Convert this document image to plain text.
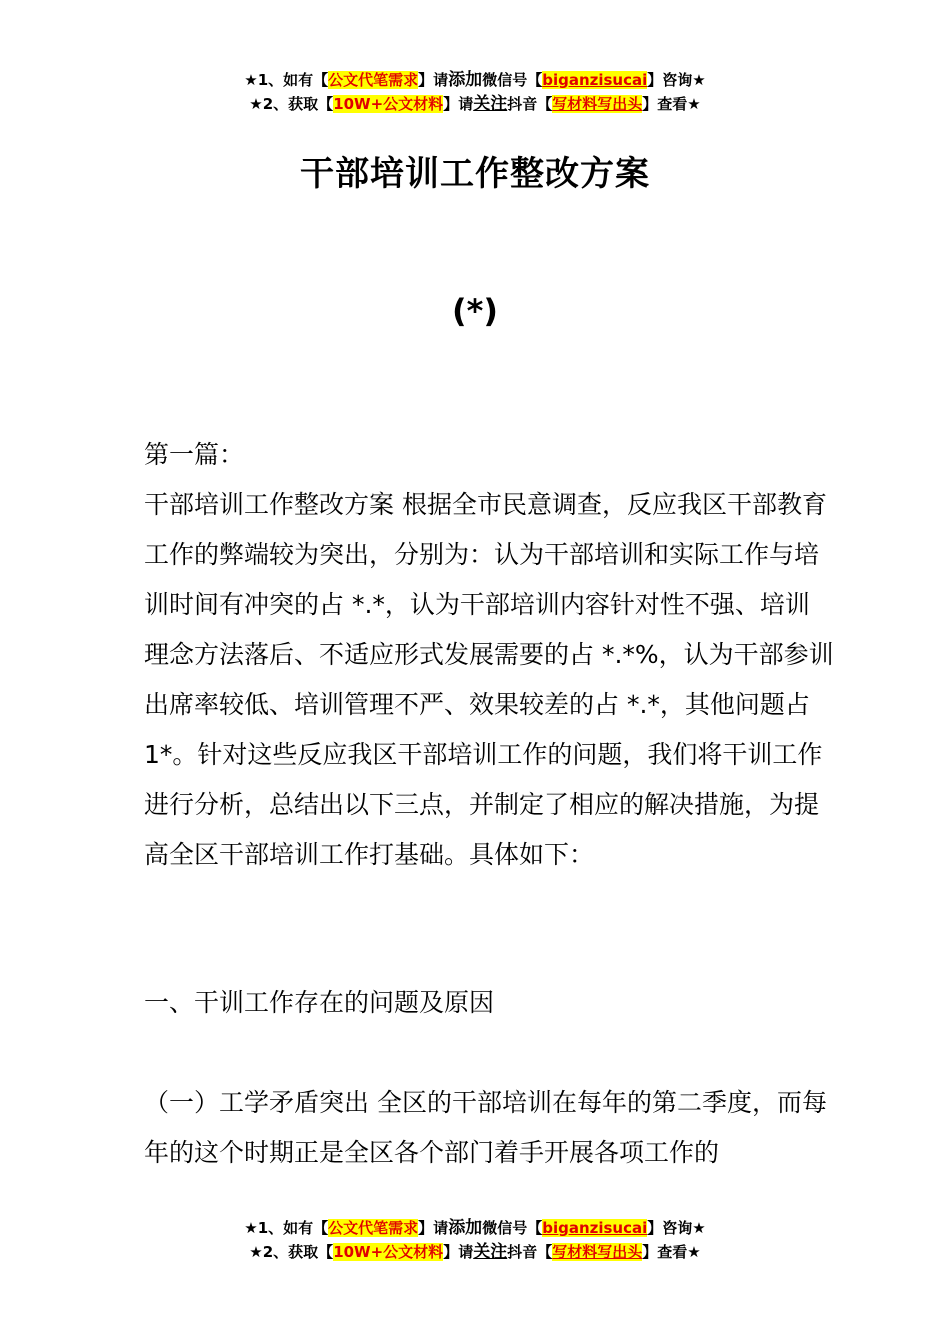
★1、如有【公文代笔需求】请添加微信号【biganzisucai】咨询★
★2、获取【10W+公文材料】请关注抖音【写材料写出头】查看★
干部培训工作整改方案
(*)
第一篇：

干部培训工作整改方案 根据全市民意调查，反应我区干部教育工作的弊端较为突出，分别为：认为干部培训和实际工作与培训时间有冲突的占 *.*，认为干部培训内容针对性不强、培训理念方法落后、不适应形式发展需要的占 *.*%，认为干部参训出席率较低、培训管理不严、效果较差的占 *.*，其他问题占 1*。针对这些反应我区干部培训工作的问题，我们将干训工作进行分析，总结出以下三点，并制定了相应的解决措施，为提高全区干部培训工作打基础。具体如下：

一、干训工作存在的问题及原因

（一）工学矛盾突出 全区的干部培训在每年的第二季度，而每年的这个时期正是全区各个部门着手开展各项工作的

★1、如有【公文代笔需求】请添加微信号【biganzisucai】咨询★
★2、获取【10W+公文材料】请关注抖音【写材料写出头】查看★
